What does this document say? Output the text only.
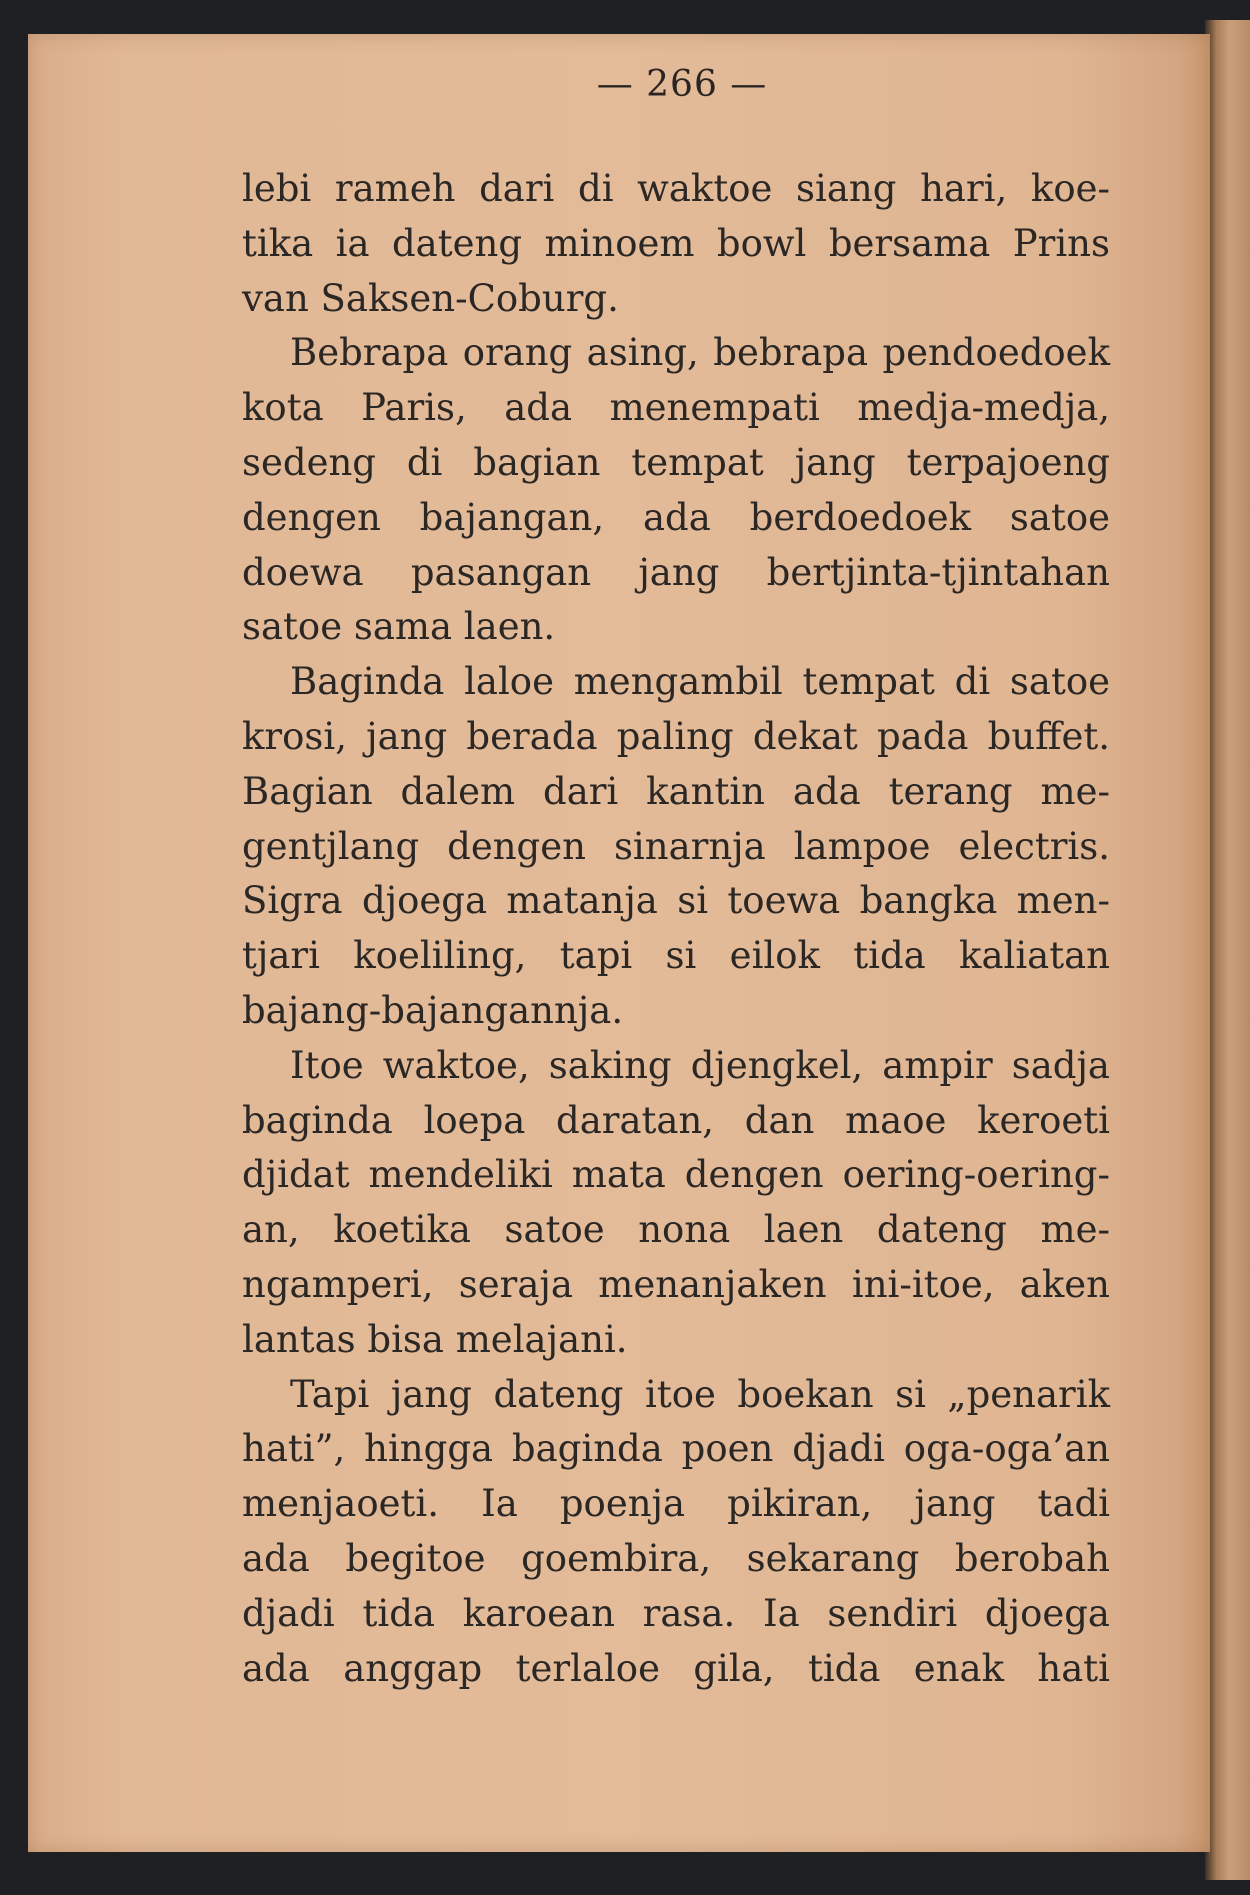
— 266 —
lebi rameh dari di waktoe siang hari, koe-
tika ia dateng minoem bowl bersama Prins
van Saksen-Coburg.
Bebrapa orang asing, bebrapa pendoedoek
kota Paris, ada menempati medja-medja,
sedeng di bagian tempat jang terpajoeng
dengen bajangan, ada berdoedoek satoe
doewa pasangan jang bertjinta-tjintahan
satoe sama laen.
Baginda laloe mengambil tempat di satoe
krosi, jang berada paling dekat pada buffet.
Bagian dalem dari kantin ada terang me-
gentjlang dengen sinarnja lampoe electris.
Sigra djoega matanja si toewa bangka men-
tjari koeliling, tapi si eilok tida kaliatan
bajang-bajangannja.
Itoe waktoe, saking djengkel, ampir sadja
baginda loepa daratan, dan maoe keroeti
djidat mendeliki mata dengen oering-oering-
an, koetika satoe nona laen dateng me-
ngamperi, seraja menanjaken ini-itoe, aken
lantas bisa melajani.
Tapi jang dateng itoe boekan si „penarik
hati”, hingga baginda poen djadi oga-oga’an
menjaoeti. Ia poenja pikiran, jang tadi
ada begitoe goembira, sekarang berobah
djadi tida karoean rasa. Ia sendiri djoega
ada anggap terlaloe gila, tida enak hati
